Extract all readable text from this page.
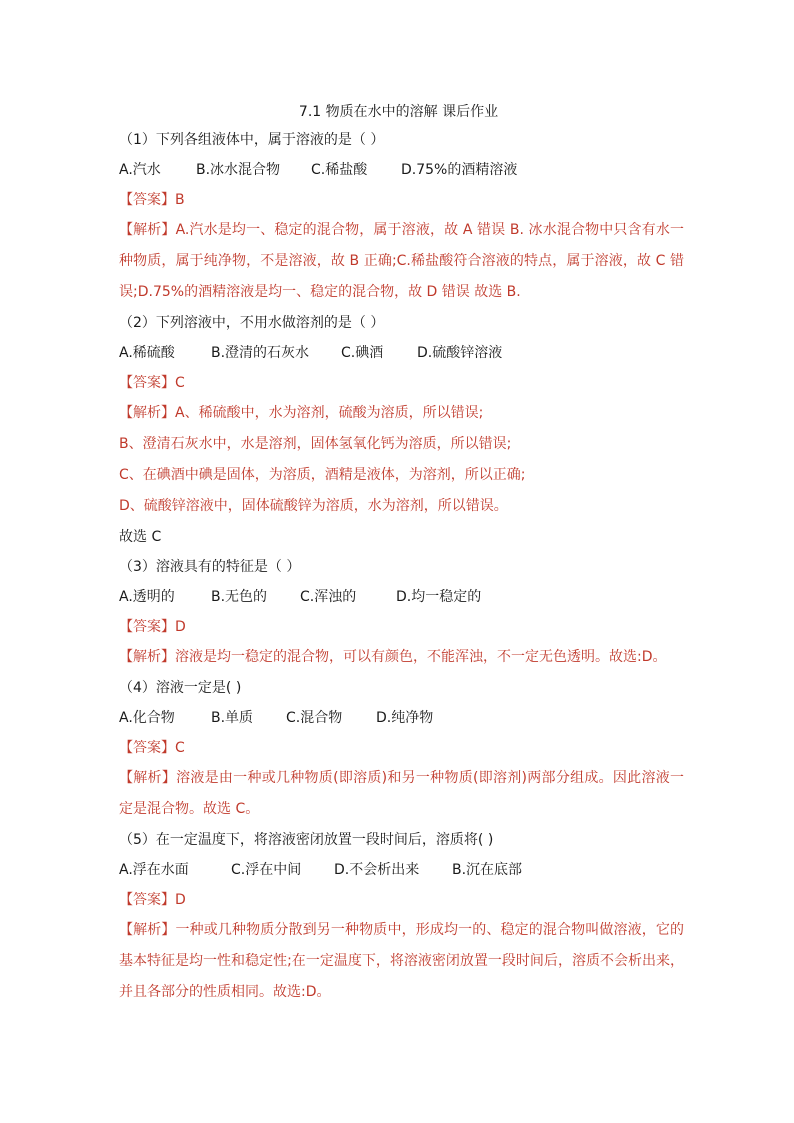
7.1 物质在水中的溶解 课后作业

（1）下列各组液体中，属于溶液的是（ ）

A.汽水	B.冰水混合物	C.稀盐酸	D.75%的酒精溶液

【答案】B

【解析】A.汽水是均一、稳定的混合物，属于溶液，故 A 错误 B. 冰水混合物中只含有水一种物质，属于纯净物，不是溶液，故 B 正确;C.稀盐酸符合溶液的特点，属于溶液，故 C 错误;D.75%的酒精溶液是均一、稳定的混合物，故 D 错误 故选 B.

（2）下列溶液中，不用水做溶剂的是（ ）

A.稀硫酸	B.澄清的石灰水	C.碘酒	D.硫酸锌溶液

【答案】C

【解析】A、稀硫酸中，水为溶剂，硫酸为溶质，所以错误;

B、澄清石灰水中，水是溶剂，固体氢氧化钙为溶质，所以错误;

C、在碘酒中碘是固体，为溶质，酒精是液体，为溶剂，所以正确;

D、硫酸锌溶液中，固体硫酸锌为溶质，水为溶剂，所以错误。

故选 C

（3）溶液具有的特征是（ ）

A.透明的	B.无色的	C.浑浊的	D.均一稳定的

【答案】D

【解析】溶液是均一稳定的混合物，可以有颜色，不能浑浊，不一定无色透明。故选:D。

（4）溶液一定是( )

A.化合物	B.单质	C.混合物	D.纯净物

【答案】C

【解析】溶液是由一种或几种物质(即溶质)和另一种物质(即溶剂)两部分组成。因此溶液一定是混合物。故选 C。

（5）在一定温度下，将溶液密闭放置一段时间后，溶质将( )

A.浮在水面	C.浮在中间	D.不会析出来	B.沉在底部

【答案】D

【解析】一种或几种物质分散到另一种物质中，形成均一的、稳定的混合物叫做溶液，它的基本特征是均一性和稳定性;在一定温度下，将溶液密闭放置一段时间后，溶质不会析出来，并且各部分的性质相同。故选:D。
